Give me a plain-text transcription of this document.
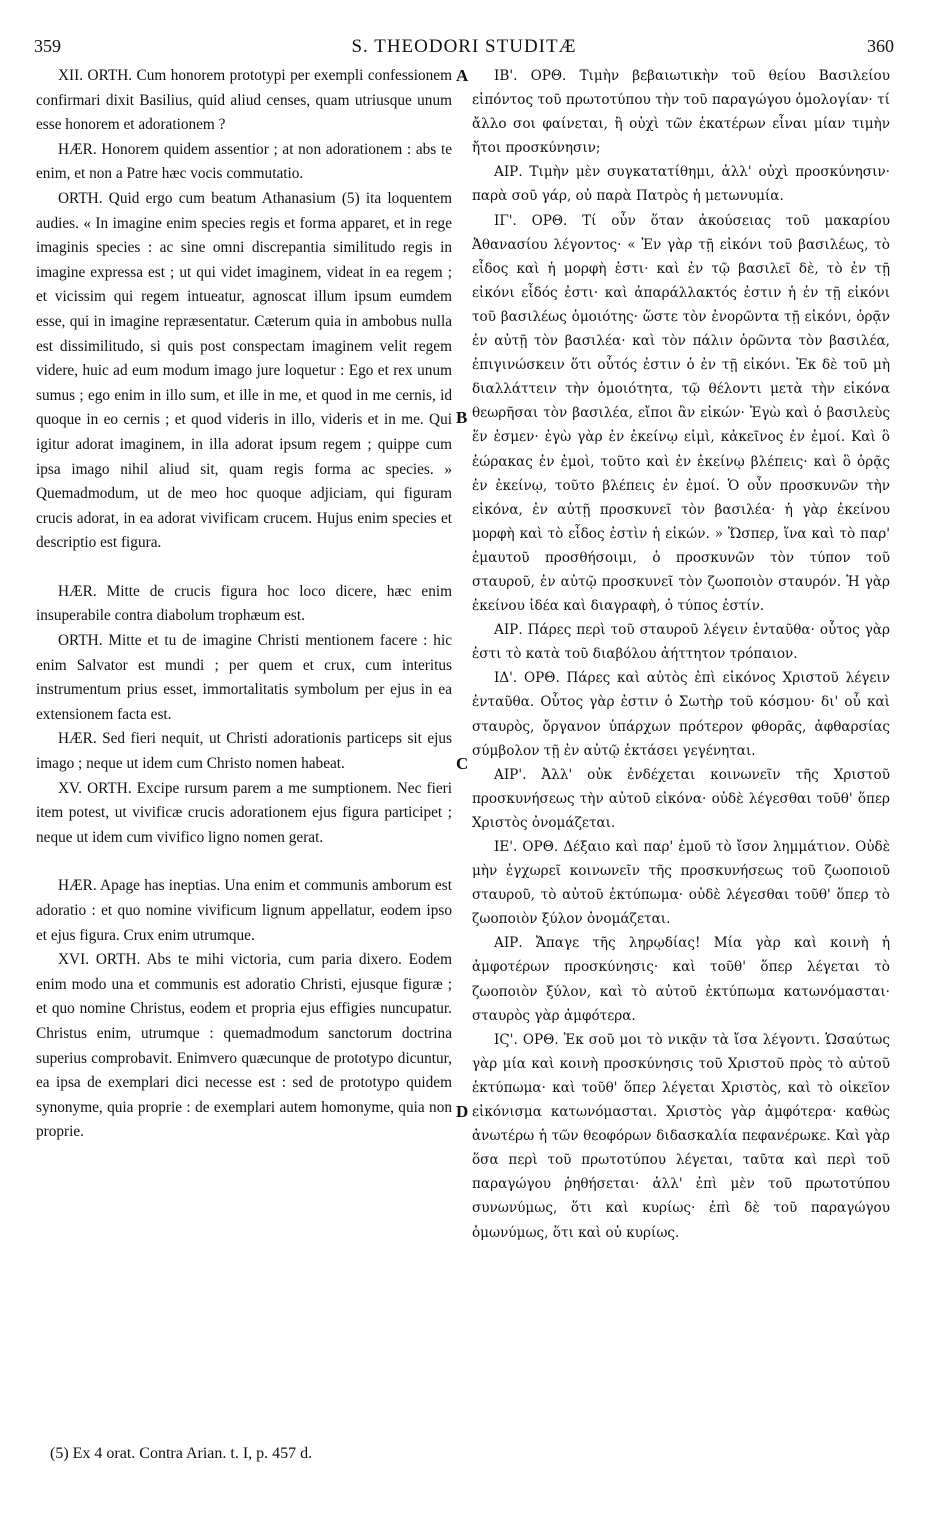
359	S. THEODORI STUDITÆ	360
A
B
C
D

XII. ORTH. Cum honorem prototypi per exempli confessionem confirmari dixit Basilius, quid aliud censes, quam utriusque unum esse honorem et adorationem ?

HÆR. Honorem quidem assentior ; at non adorationem : abs te enim, et non a Patre hæc vocis commutatio.

ORTH. Quid ergo cum beatum Athanasium (5) ita loquentem audies. « In imagine enim species regis et forma apparet, et in rege imaginis species : ac sine omni discrepantia similitudo regis in imagine expressa est ; ut qui videt imaginem, videat in ea regem ; et vicissim qui regem intueatur, agnoscat illum ipsum eumdem esse, qui in imagine repræsentatur. Cæterum quia in ambobus nulla est dissimilitudo, si quis post conspectam imaginem velit regem videre, huic ad eum modum imago jure loquetur : Ego et rex unum sumus ; ego enim in illo sum, et ille in me, et quod in me cernis, id quoque in eo cernis ; et quod videris in illo, videris et in me. Qui igitur adorat imaginem, in illa adorat ipsum regem ; quippe cum ipsa imago nihil aliud sit, quam regis forma ac species. » Quemadmodum, ut de meo hoc quoque adjiciam, qui figuram crucis adorat, in ea adorat vivificam crucem. Hujus enim species et descriptio est figura.

HÆR. Mitte de crucis figura hoc loco dicere, hæc enim insuperabile contra diabolum trophæum est.

ORTH. Mitte et tu de imagine Christi mentionem facere : hic enim Salvator est mundi ; per quem et crux, cum interitus instrumentum prius esset, immortalitatis symbolum per ejus in ea extensionem facta est.

HÆR. Sed fieri nequit, ut Christi adorationis particeps sit ejus imago ; neque ut idem cum Christo nomen habeat.

XV. ORTH. Excipe rursum parem a me sumptionem. Nec fieri item potest, ut vivificæ crucis adorationem ejus figura participet ; neque ut idem cum vivifico ligno nomen gerat.

HÆR. Apage has ineptias. Una enim et communis amborum est adoratio : et quo nomine vivificum lignum appellatur, eodem ipso et ejus figura. Crux enim utrumque.

XVI. ORTH. Abs te mihi victoria, cum paria dixero. Eodem enim modo una et communis est adoratio Christi, ejusque figuræ ; et quo nomine Christus, eodem et propria ejus effigies nuncupatur. Christus enim, utrumque : quemadmodum sanctorum doctrina superius comprobavit. Enimvero quæcunque de prototypo dicuntur, ea ipsa de exemplari dici necesse est : sed de prototypo quidem synonyme, quia proprie : de exemplari autem homonyme, quia non proprie.

ΙΒ'. ΟΡΘ. Τιμὴν βεβαιωτικὴν τοῦ θείου Βασιλείου εἰπόντος τοῦ πρωτοτύπου τὴν τοῦ παραγώγου ὁμολογίαν· τί ἄλλο σοι φαίνεται, ἢ οὐχὶ τῶν ἑκατέρων εἶναι μίαν τιμὴν ἤτοι προσκύνησιν;

ΑΙΡ. Τιμὴν μὲν συγκατατίθημι, ἀλλ' οὐχὶ προσκύνησιν· παρὰ σοῦ γάρ, οὐ παρὰ Πατρὸς ἡ μετωνυμία.

ΙΓ'. ΟΡΘ. Τί οὖν ὅταν ἀκούσειας τοῦ μακαρίου Ἀθανασίου λέγοντος· « Ἐν γὰρ τῇ εἰκόνι τοῦ βασιλέως, τὸ εἶδος καὶ ἡ μορφὴ ἐστι· καὶ ἐν τῷ βασιλεῖ δὲ, τὸ ἐν τῇ εἰκόνι εἶδός ἐστι· καὶ ἀπαράλλακτός ἐστιν ἡ ἐν τῇ εἰκόνι τοῦ βασιλέως ὁμοιότης· ὥστε τὸν ἐνορῶντα τῇ εἰκόνι, ὁρᾷν ἐν αὐτῇ τὸν βασιλέα· καὶ τὸν πάλιν ὁρῶντα τὸν βασιλέα, ἐπιγινώσκειν ὅτι οὗτός ἐστιν ὁ ἐν τῇ εἰκόνι. Ἐκ δὲ τοῦ μὴ διαλλάττειν τὴν ὁμοιότητα, τῷ θέλοντι μετὰ τὴν εἰκόνα θεωρῆσαι τὸν βασιλέα, εἴποι ἂν εἰκών· Ἐγὼ καὶ ὁ βασιλεὺς ἕν ἐσμεν· ἐγὼ γὰρ ἐν ἐκείνῳ εἰμὶ, κἀκεῖνος ἐν ἐμοί. Καὶ ὃ ἑώρακας ἐν ἐμοὶ, τοῦτο καὶ ἐν ἐκείνῳ βλέπεις· καὶ ὃ ὁρᾷς ἐν ἐκείνῳ, τοῦτο βλέπεις ἐν ἐμοί. Ὁ οὖν προσκυνῶν τὴν εἰκόνα, ἐν αὐτῇ προσκυνεῖ τὸν βασιλέα· ἡ γὰρ ἐκείνου μορφὴ καὶ τὸ εἶδος ἐστὶν ἡ εἰκών. » Ὥσπερ, ἵνα καὶ τὸ παρ' ἐμαυτοῦ προσθήσοιμι, ὁ προσκυνῶν τὸν τύπον τοῦ σταυροῦ, ἐν αὐτῷ προσκυνεῖ τὸν ζωοποιὸν σταυρόν. Ἡ γὰρ ἐκείνου ἰδέα καὶ διαγραφὴ, ὁ τύπος ἐστίν.

ΑΙΡ. Πάρες περὶ τοῦ σταυροῦ λέγειν ἐνταῦθα· οὗτος γὰρ ἐστι τὸ κατὰ τοῦ διαβόλου ἀήττητον τρόπαιον.

ΙΔ'. ΟΡΘ. Πάρες καὶ αὐτὸς ἐπὶ εἰκόνος Χριστοῦ λέγειν ἐνταῦθα. Οὗτος γὰρ ἐστιν ὁ Σωτὴρ τοῦ κόσμου· δι' οὗ καὶ σταυρὸς, ὄργανον ὑπάρχων πρότερον φθορᾶς, ἀφθαρσίας σύμβολον τῇ ἐν αὐτῷ ἐκτάσει γεγένηται.

ΑΙΡ'. Ἀλλ' οὐκ ἐνδέχεται κοινωνεῖν τῆς Χριστοῦ προσκυνήσεως τὴν αὐτοῦ εἰκόνα· οὐδὲ λέγεσθαι τοῦθ' ὅπερ Χριστὸς ὀνομάζεται.

ΙΕ'. ΟΡΘ. Δέξαιο καὶ παρ' ἐμοῦ τὸ ἴσον λημμάτιον. Οὐδὲ μὴν ἐγχωρεῖ κοινωνεῖν τῆς προσκυνήσεως τοῦ ζωοποιοῦ σταυροῦ, τὸ αὐτοῦ ἐκτύπωμα· οὐδὲ λέγεσθαι τοῦθ' ὅπερ τὸ ζωοποιὸν ξύλον ὀνομάζεται.

ΑΙΡ. Ἄπαγε τῆς ληρῳδίας! Μία γὰρ καὶ κοινὴ ἡ ἀμφοτέρων προσκύνησις· καὶ τοῦθ' ὅπερ λέγεται τὸ ζωοποιὸν ξύλον, καὶ τὸ αὐτοῦ ἐκτύπωμα κατωνόμασται· σταυρὸς γὰρ ἀμφότερα.

ΙϚ'. ΟΡΘ. Ἐκ σοῦ μοι τὸ νικᾷν τὰ ἴσα λέγοντι. Ὡσαύτως γὰρ μία καὶ κοινὴ προσκύνησις τοῦ Χριστοῦ πρὸς τὸ αὐτοῦ ἐκτύπωμα· καὶ τοῦθ' ὅπερ λέγεται Χριστὸς, καὶ τὸ οἰκεῖον εἰκόνισμα κατωνόμασται. Χριστὸς γὰρ ἀμφότερα· καθὼς ἀνωτέρω ἡ τῶν θεοφόρων διδασκαλία πεφανέρωκε. Καὶ γὰρ ὅσα περὶ τοῦ πρωτοτύπου λέγεται, ταῦτα καὶ περὶ τοῦ παραγώγου ῥηθήσεται· ἀλλ' ἐπὶ μὲν τοῦ πρωτοτύπου συνωνύμως, ὅτι καὶ κυρίως· ἐπὶ δὲ τοῦ παραγώγου ὁμωνύμως, ὅτι καὶ οὐ κυρίως.

(5) Ex 4 orat. Contra Arian. t. I, p. 457 d.
